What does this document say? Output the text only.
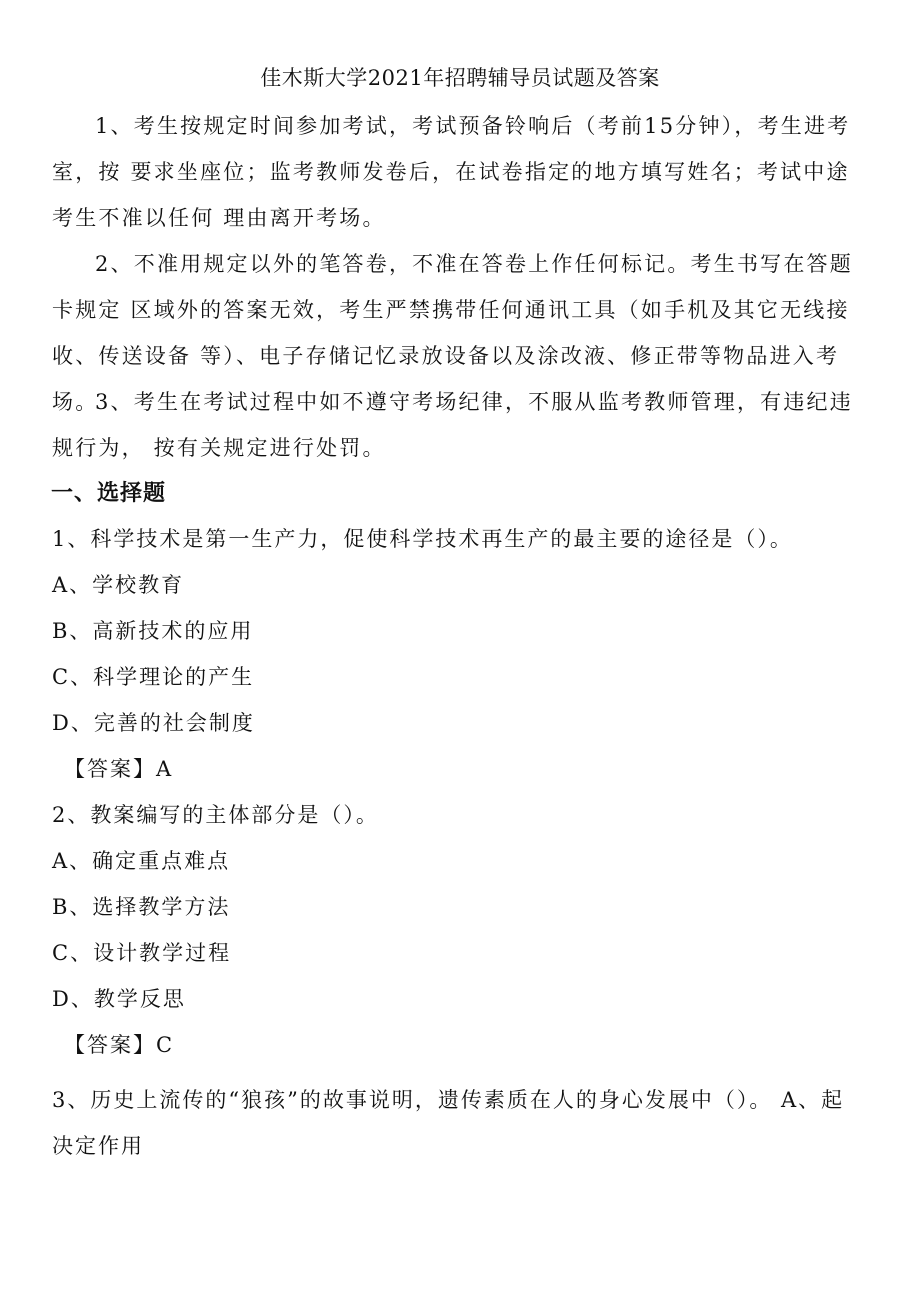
佳木斯大学2021年招聘辅导员试题及答案
1、考生按规定时间参加考试，考试预备铃响后（考前15分钟），考生进考室，按 要求坐座位；监考教师发卷后，在试卷指定的地方填写姓名；考试中途考生不准以任何 理由离开考场。
2、不准用规定以外的笔答卷，不准在答卷上作任何标记。考生书写在答题卡规定 区域外的答案无效，考生严禁携带任何通讯工具（如手机及其它无线接收、传送设备 等）、电子存储记忆录放设备以及涂改液、修正带等物品进入考场。
3、考生在考试过程中如不遵守考场纪律，不服从监考教师管理，有违纪违规行为， 按有关规定进行处罚。
一、选择题
1、科学技术是第一生产力，促使科学技术再生产的最主要的途径是（）。
A、学校教育
B、高新技术的应用
C、科学理论的产生
D、完善的社会制度
【答案】A
2、教案编写的主体部分是（）。
A、确定重点难点
B、选择教学方法
C、设计教学过程
D、教学反思
【答案】C
3、历史上流传的“狼孩”的故事说明，遗传素质在人的身心发展中（）。 A、起决定作用
